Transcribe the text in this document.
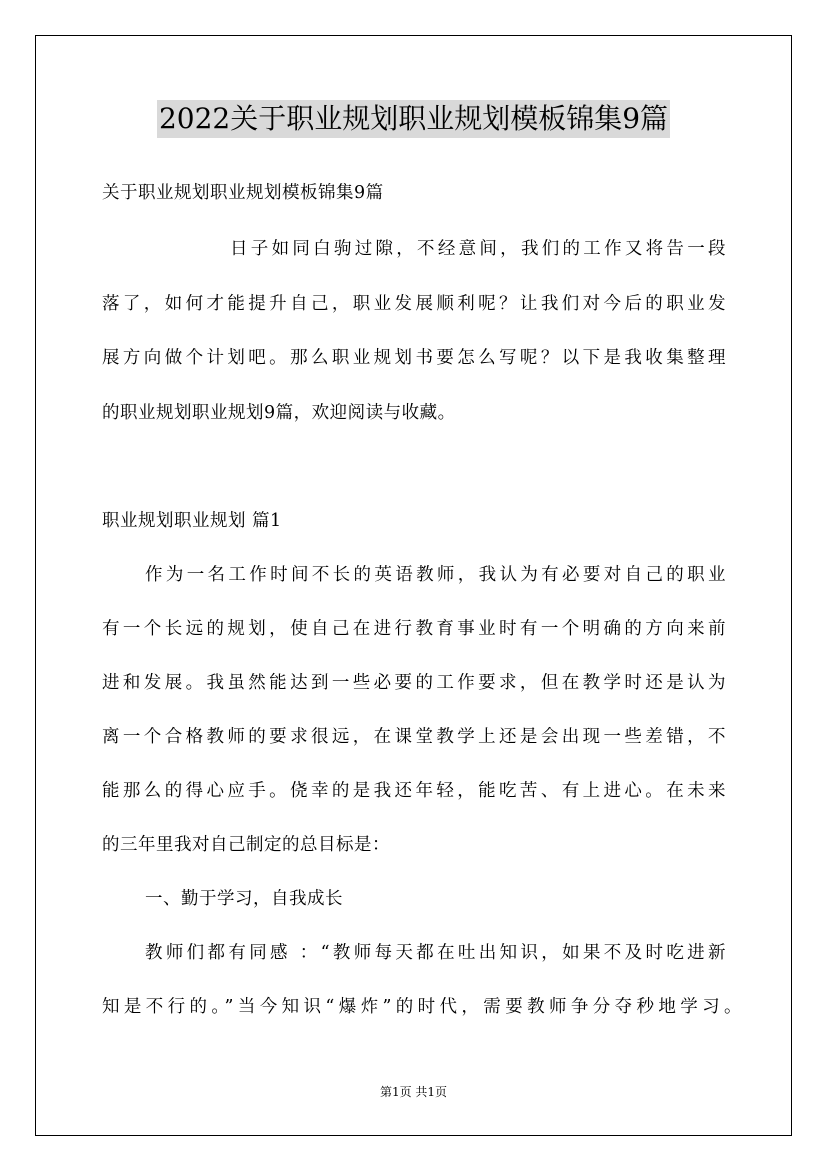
2022关于职业规划职业规划模板锦集9篇
关于职业规划职业规划模板锦集9篇
日子如同白驹过隙，不经意间，我们的工作又将告一段
落了，如何才能提升自己，职业发展顺利呢？让我们对今后的职业发
展方向做个计划吧。那么职业规划书要怎么写呢？以下是我收集整理
的职业规划职业规划9篇，欢迎阅读与收藏。
职业规划职业规划 篇1
作为一名工作时间不长的英语教师，我认为有必要对自己的职业
有一个长远的规划，使自己在进行教育事业时有一个明确的方向来前
进和发展。我虽然能达到一些必要的工作要求，但在教学时还是认为
离一个合格教师的要求很远，在课堂教学上还是会出现一些差错，不
能那么的得心应手。侥幸的是我还年轻，能吃苦、有上进心。在未来
的三年里我对自己制定的总目标是：
一、勤于学习，自我成长
教师们都有同感 ：“教师每天都在吐出知识，如果不及时吃进新
知是不行的。”当今知识“爆炸”的时代，需要教师争分夺秒地学习。
第1页 共1页
